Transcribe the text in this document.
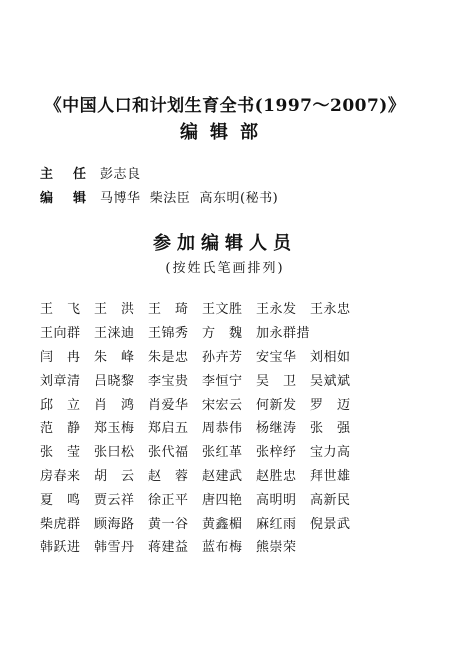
《中国人口和计划生育全书(1997～2007)》
编辑部
主 任	彭志良
编 辑	马博华  柴法臣  高东明(秘书)
参加编辑人员
(按姓氏笔画排列)
王　飞	王　洪	王　琦	王文胜	王永发	王永忠
王向群	王涞迪	王锦秀	方　魏	加永群措
闫　冉	朱　峰	朱是忠	孙卉芳	安宝华	刘相如
刘章清	吕晓黎	李宝贵	李恒宁	吴　卫	吴斌斌
邱　立	肖　鸿	肖爱华	宋宏云	何新发	罗　迈
范　静	郑玉梅	郑启五	周恭伟	杨继涛	张　强
张　莹	张曰松	张代福	张红革	张梓纾	宝力高
房春来	胡　云	赵　蓉	赵建武	赵胜忠	拜世雄
夏　鸣	贾云祥	徐正平	唐四艳	高明明	高新民
柴虎群	顾海路	黄一谷	黄鑫楣	麻红雨	倪景武
韩跃进	韩雪丹	蒋建益	蓝布梅	熊崇荣
